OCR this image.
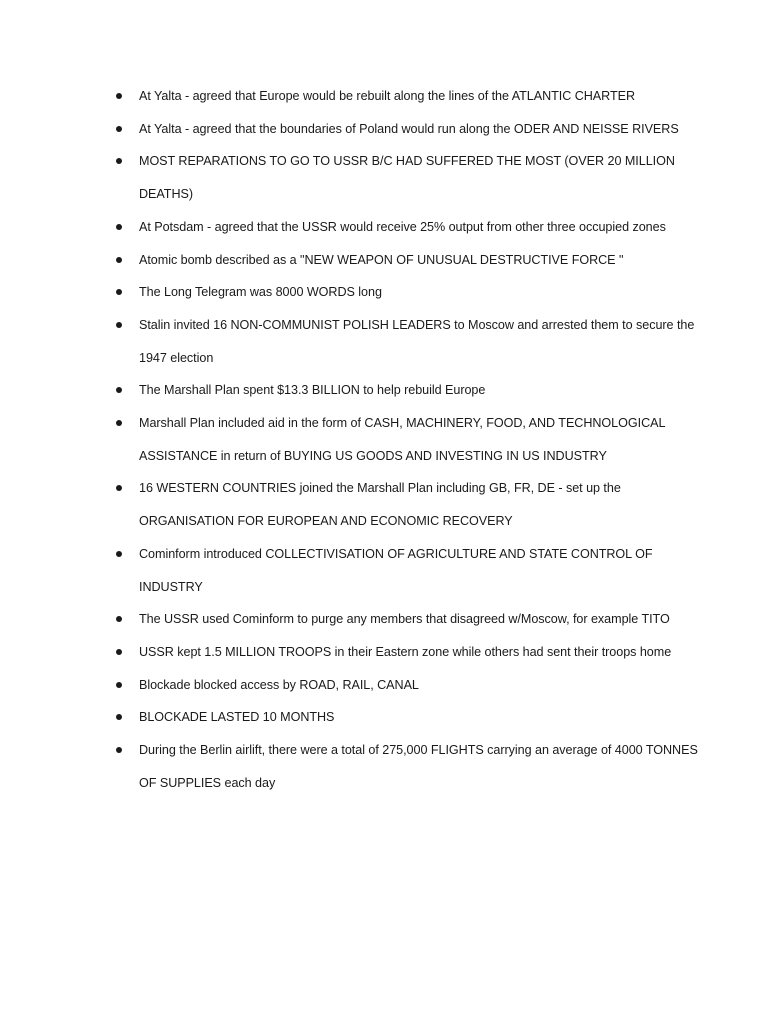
At Yalta - agreed that Europe would be rebuilt along the lines of the ATLANTIC CHARTER
At Yalta - agreed that the boundaries of Poland would run along the ODER AND NEISSE RIVERS
MOST REPARATIONS TO GO TO USSR B/C HAD SUFFERED THE MOST (OVER 20 MILLION DEATHS)
At Potsdam - agreed that the USSR would receive 25% output from other three occupied zones
Atomic bomb described as a "NEW WEAPON OF UNUSUAL DESTRUCTIVE FORCE "
The Long Telegram was 8000 WORDS long
Stalin invited 16 NON-COMMUNIST POLISH LEADERS to Moscow and arrested them to secure the 1947 election
The Marshall Plan spent $13.3 BILLION to help rebuild Europe
Marshall Plan included aid in the form of CASH, MACHINERY, FOOD, AND TECHNOLOGICAL ASSISTANCE in return of BUYING US GOODS AND INVESTING IN US INDUSTRY
16 WESTERN COUNTRIES joined the Marshall Plan including GB, FR, DE - set up the ORGANISATION FOR EUROPEAN AND ECONOMIC RECOVERY
Cominform introduced COLLECTIVISATION OF AGRICULTURE AND STATE CONTROL OF INDUSTRY
The USSR used Cominform to purge any members that disagreed w/Moscow, for example TITO
USSR kept 1.5 MILLION TROOPS in their Eastern zone while others had sent their troops home
Blockade blocked access by ROAD, RAIL, CANAL
BLOCKADE LASTED 10 MONTHS
During the Berlin airlift, there were a total of 275,000 FLIGHTS carrying an average of 4000 TONNES OF SUPPLIES each day
